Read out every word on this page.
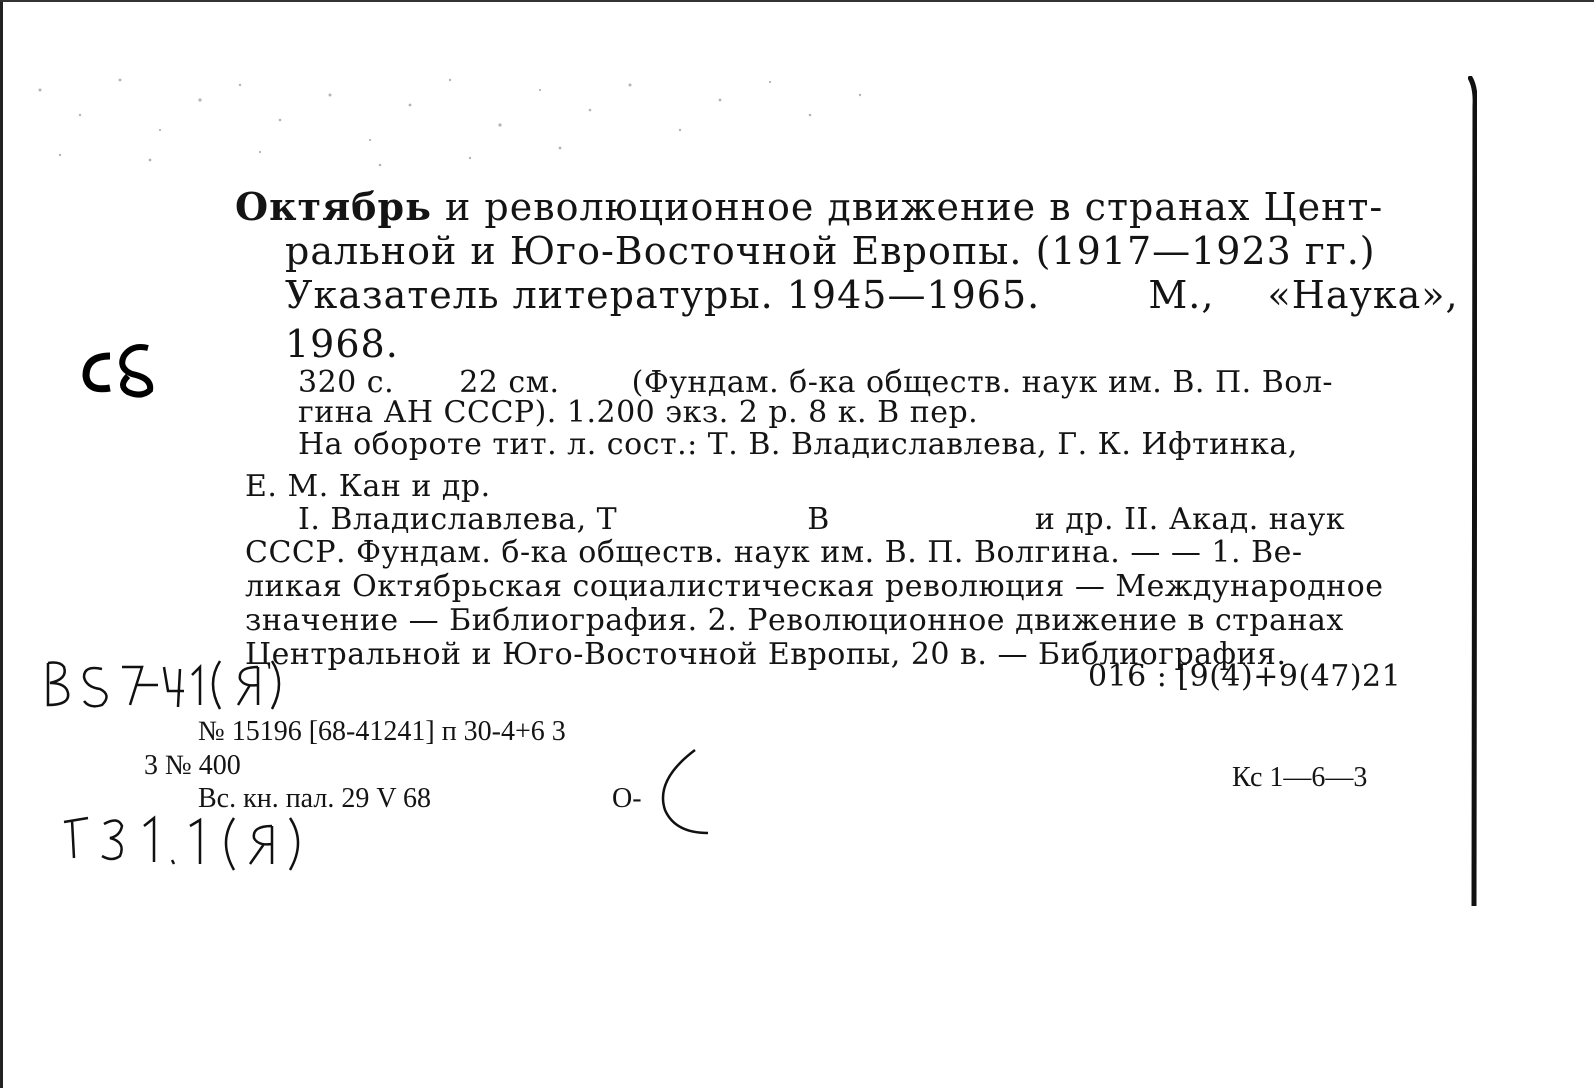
Октябрь и революционное движение в странах Цент-
ральной и Юго-Восточной Европы. (1917—1923 гг.)
Указатель литературы. 1945—1965.	М., «Наука»,
1968.
320 с. 22 см. (Фундам. б-ка обществ. наук им. В. П. Вол-
гина АН СССР). 1.200 экз. 2 р. 8 к. В пер.
На обороте тит. л. сост.: Т. В. Владиславлева, Г. К. Ифтинка,
Е. М. Кан и др.
I. Владиславлева, Т	В	и др. II. Акад. наук
СССР. Фундам. б-ка обществ. наук им. В. П. Волгина. — — 1. Ве-
ликая Октябрьская социалистическая революция — Международное
значение — Библиография. 2. Революционное движение в странах
Центральной и Юго-Восточной Европы, 20 в. — Библиография.
016 : [9(4)+9(47)21
№ 15196 [68-41241] п 30-4+6 3
3 № 400
Вс. кн. пал. 29 V 68	О-
Кс 1—6—3
